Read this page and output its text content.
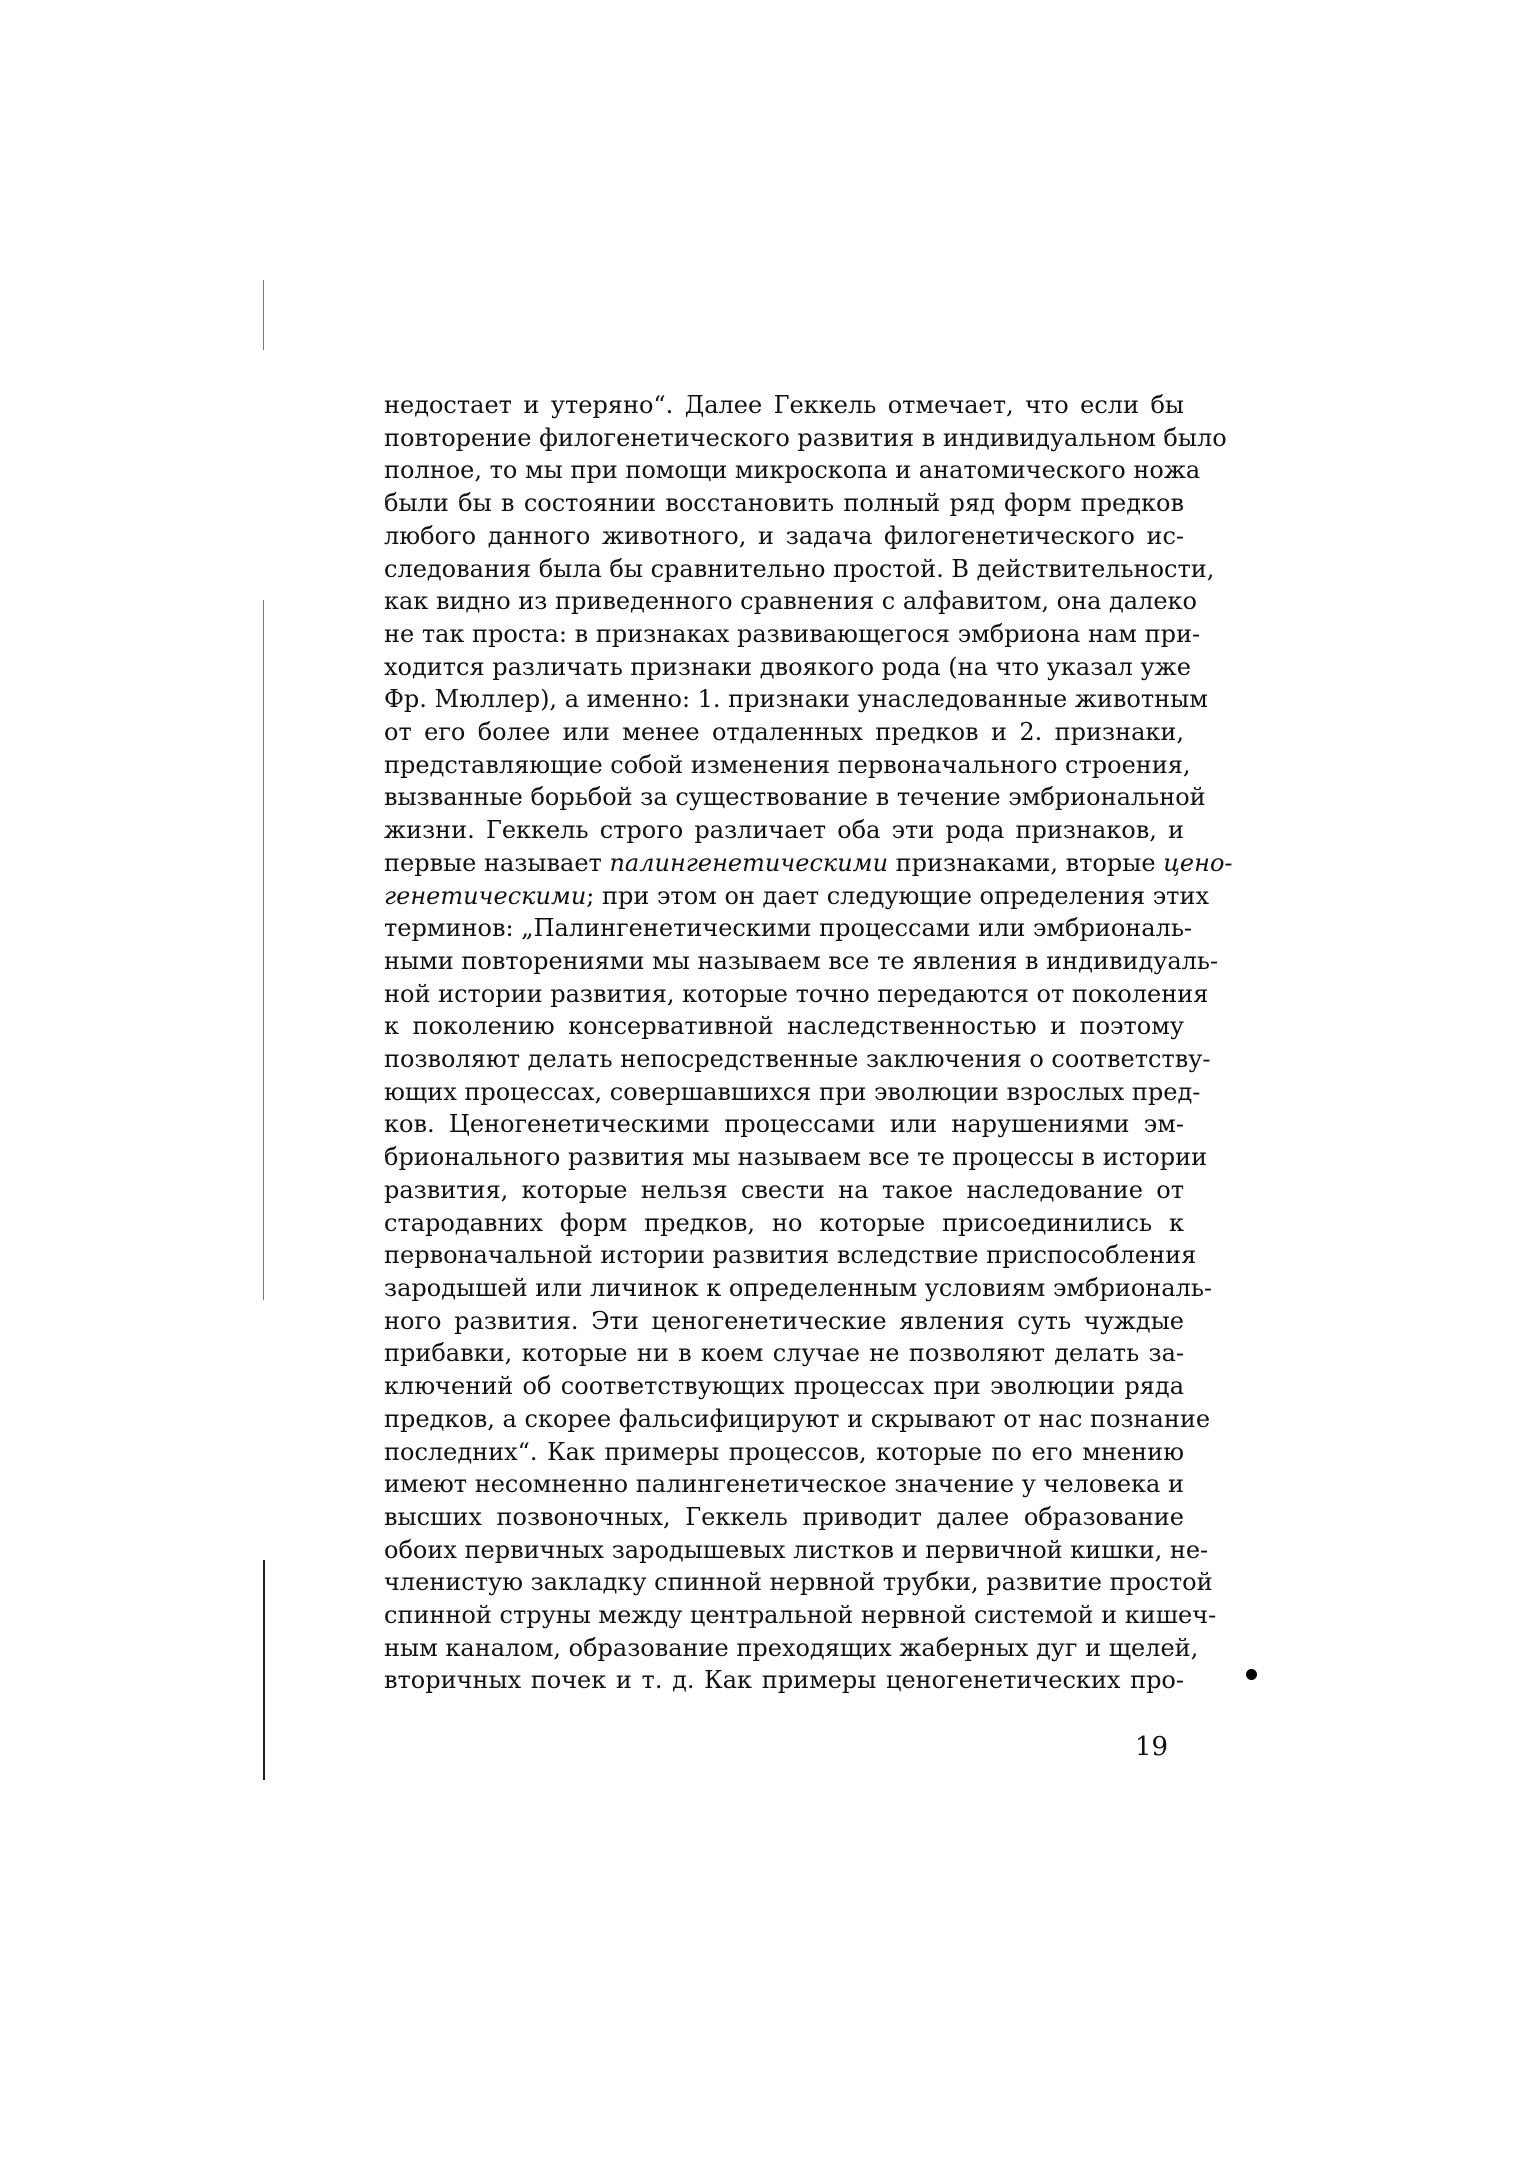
недостает и утеряно“. Далее Геккель отмечает, что если бы
повторение филогенетического развития в индивидуальном было
полное, то мы при помощи микроскопа и анатомического ножа
были бы в состоянии восстановить полный ряд форм предков
любого данного животного, и задача филогенетического ис-
следования была бы сравнительно простой. В действительности,
как видно из приведенного сравнения с алфавитом, она далеко
не так проста: в признаках развивающегося эмбриона нам при-
ходится различать признаки двоякого рода (на что указал уже
Фр. Мюллер), а именно: 1. признаки унаследованные животным
от его более или менее отдаленных предков и 2. признаки,
представляющие собой изменения первоначального строения,
вызванные борьбой за существование в течение эмбриональной
жизни. Геккель строго различает оба эти рода признаков, и
первые называет палингенетическими признаками, вторые цено-
генетическими; при этом он дает следующие определения этих
терминов: „Палингенетическими процессами или эмбриональ-
ными повторениями мы называем все те явления в индивидуаль-
ной истории развития, которые точно передаются от поколения
к поколению консервативной наследственностью и поэтому
позволяют делать непосредственные заключения о соответству-
ющих процессах, совершавшихся при эволюции взрослых пред-
ков. Ценогенетическими процессами или нарушениями эм-
брионального развития мы называем все те процессы в истории
развития, которые нельзя свести на такое наследование от
стародавних форм предков, но которые присоединились к
первоначальной истории развития вследствие приспособления
зародышей или личинок к определенным условиям эмбриональ-
ного развития. Эти ценогенетические явления суть чуждые
прибавки, которые ни в коем случае не позволяют делать за-
ключений об соответствующих процессах при эволюции ряда
предков, а скорее фальсифицируют и скрывают от нас познание
последних“. Как примеры процессов, которые по его мнению
имеют несомненно палингенетическое значение у человека и
высших позвоночных, Геккель приводит далее образование
обоих первичных зародышевых листков и первичной кишки, не-
членистую закладку спинной нервной трубки, развитие простой
спинной струны между центральной нервной системой и кишеч-
ным каналом, образование преходящих жаберных дуг и щелей,
вторичных почек и т. д. Как примеры ценогенетических про-
19
